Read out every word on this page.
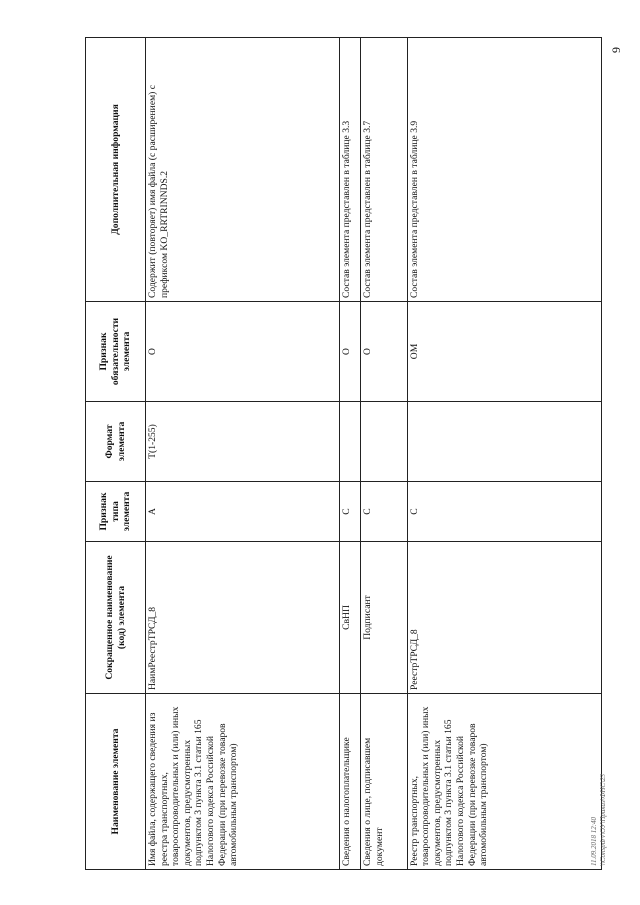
9
Наименование элемента	Сокращенное наименование (код) элемента	Признак типа элемента	Формат элемента	Признак обязательности элемента	Дополнительная информация
Имя файла, содержащего сведения из реестра транспортных, товаросопроводительных и (или) иных документов, предусмотренных подпунктом 3 пункта 3.1 статьи 165 Налогового кодекса Российской Федерации (при перевозке товаров автомобильным транспортом)	НаимРеестрТРСД_8	А	Т(1-255)	О	Содержит (повторяет) имя файла (с расширением) с префиксом KO_RRTRINNDS.2
Сведения о налогоплательщике	СвНП	С		О	Состав элемента представлен в таблице 3.3
Сведения о лице, подписавшем документ	Подписант	С		О	Состав элемента представлен в таблице 3.7
Реестр транспортных, товаросопроводительных и (или) иных документов, предусмотренных подпунктом 3 пункта 3.1 статьи 165 Налогового кодекса Российской Федерации (при перевозке товаров автомобильным транспортом)	РеестрТРСД_8	С		ОМ	Состав элемента представлен в таблице 3.9
11.09.2018 12:40 \\Conspdrv\ОУ\Приказ\ФНС\23
